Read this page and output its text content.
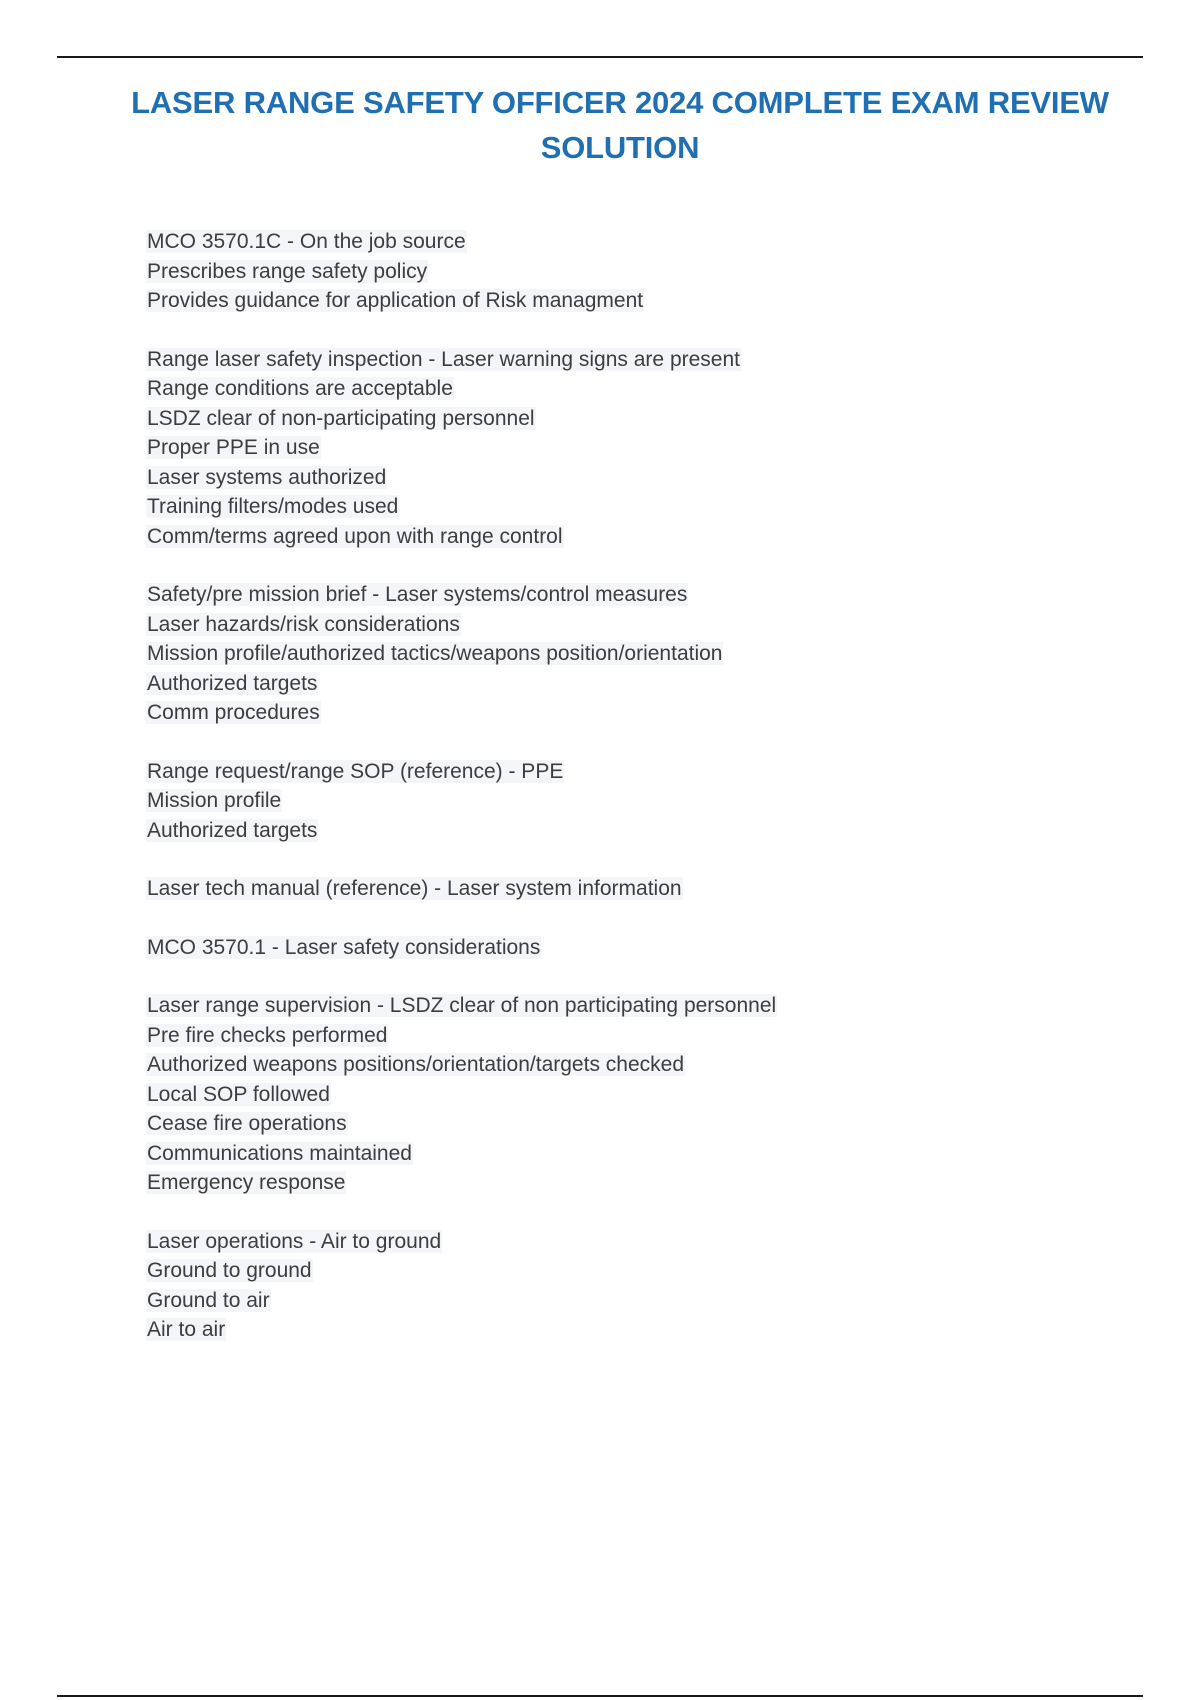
LASER RANGE SAFETY OFFICER 2024 COMPLETE EXAM REVIEW
SOLUTION
MCO 3570.1C - On the job source
Prescribes range safety policy
Provides guidance for application of Risk managment
Range laser safety inspection - Laser warning signs are present
Range conditions are acceptable
LSDZ clear of non-participating personnel
Proper PPE in use
Laser systems authorized
Training filters/modes used
Comm/terms agreed upon with range control
Safety/pre mission brief - Laser systems/control measures
Laser hazards/risk considerations
Mission profile/authorized tactics/weapons position/orientation
Authorized targets
Comm procedures
Range request/range SOP (reference) - PPE
Mission profile
Authorized targets
Laser tech manual (reference) - Laser system information
MCO 3570.1 - Laser safety considerations
Laser range supervision - LSDZ clear of non participating personnel
Pre fire checks performed
Authorized weapons positions/orientation/targets checked
Local SOP followed
Cease fire operations
Communications maintained
Emergency response
Laser operations - Air to ground
Ground to ground
Ground to air
Air to air
